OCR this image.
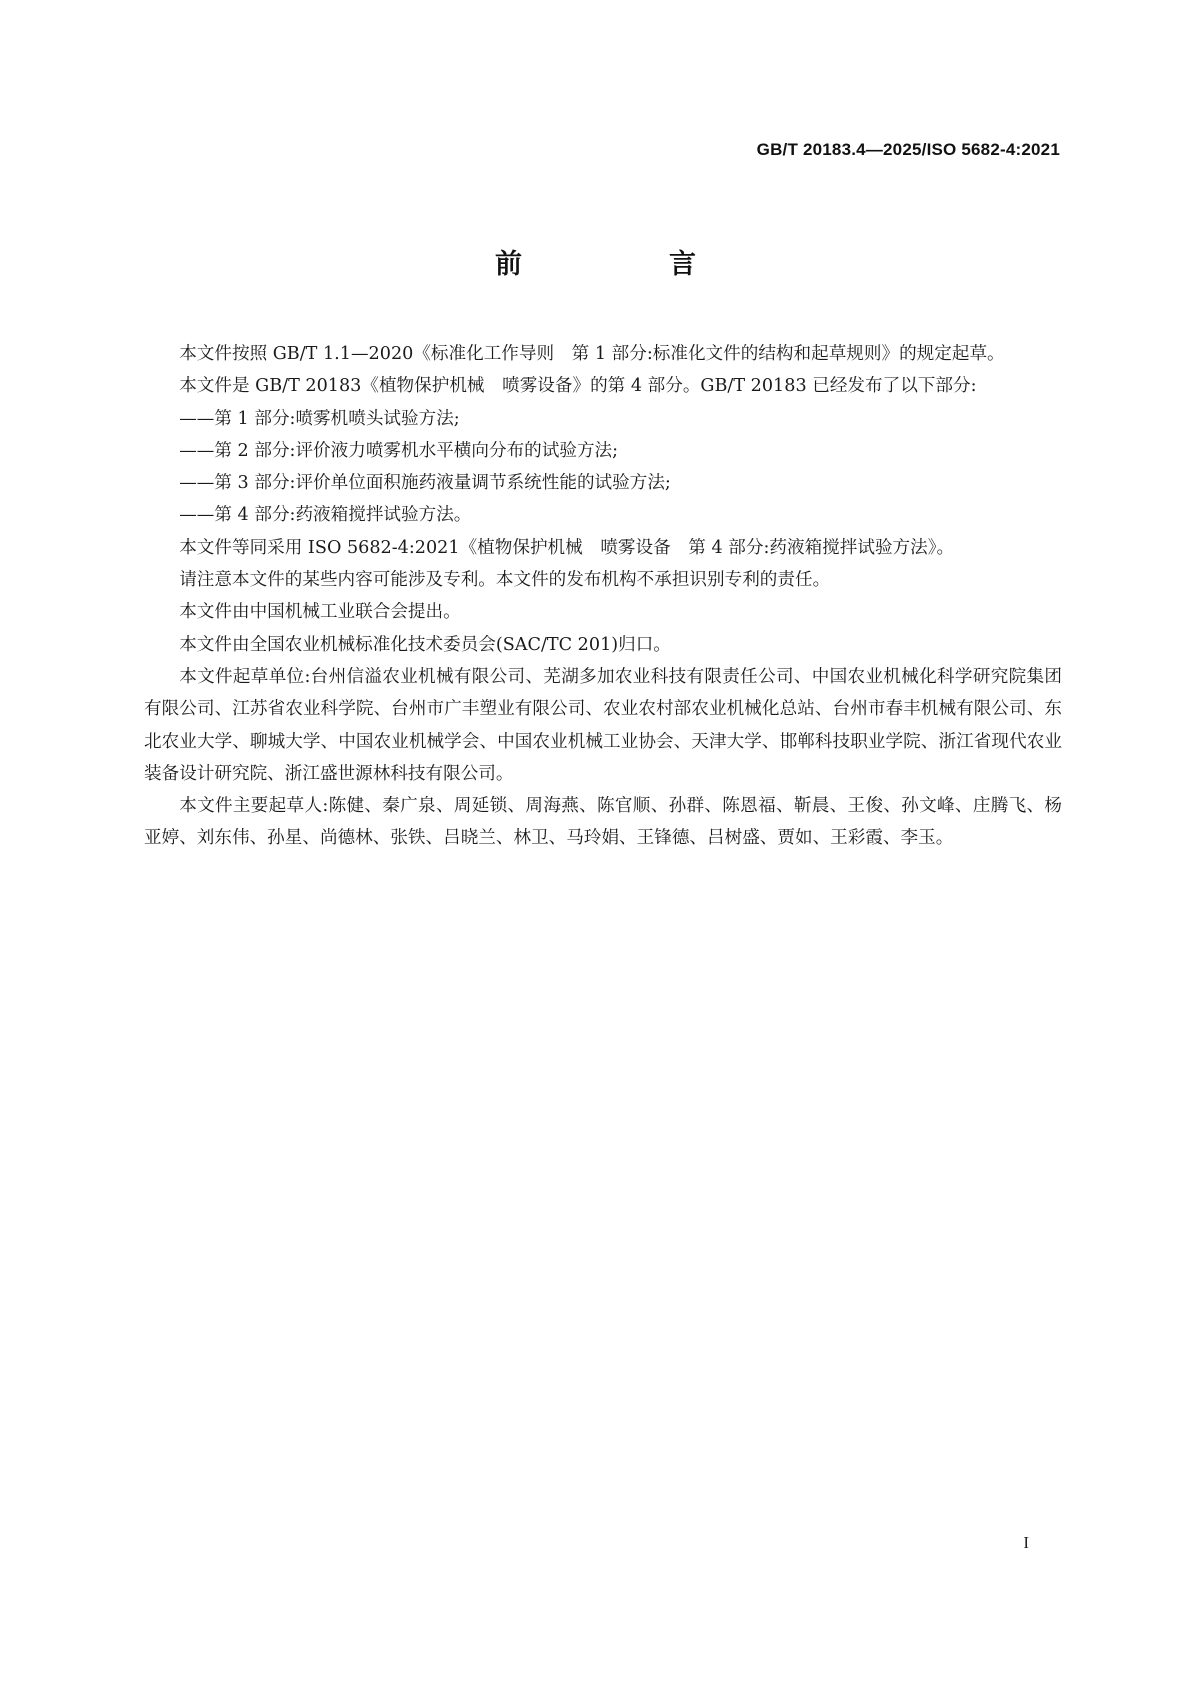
GB/T 20183.4—2025/ISO 5682-4:2021
前　言

本文件按照 GB/T 1.1—2020《标准化工作导则　第 1 部分:标准化文件的结构和起草规则》的规定起草。

本文件是 GB/T 20183《植物保护机械　喷雾设备》的第 4 部分。GB/T 20183 已经发布了以下部分:

——第 1 部分:喷雾机喷头试验方法;

——第 2 部分:评价液力喷雾机水平横向分布的试验方法;

——第 3 部分:评价单位面积施药液量调节系统性能的试验方法;

——第 4 部分:药液箱搅拌试验方法。

本文件等同采用 ISO 5682-4:2021《植物保护机械　喷雾设备　第 4 部分:药液箱搅拌试验方法》。

请注意本文件的某些内容可能涉及专利。本文件的发布机构不承担识别专利的责任。

本文件由中国机械工业联合会提出。

本文件由全国农业机械标准化技术委员会(SAC/TC 201)归口。

本文件起草单位:台州信溢农业机械有限公司、芜湖多加农业科技有限责任公司、中国农业机械化科学研究院集团有限公司、江苏省农业科学院、台州市广丰塑业有限公司、农业农村部农业机械化总站、台州市春丰机械有限公司、东北农业大学、聊城大学、中国农业机械学会、中国农业机械工业协会、天津大学、邯郸科技职业学院、浙江省现代农业装备设计研究院、浙江盛世源林科技有限公司。

本文件主要起草人:陈健、秦广泉、周延锁、周海燕、陈官顺、孙群、陈恩福、靳晨、王俊、孙文峰、庄腾飞、杨亚婷、刘东伟、孙星、尚德林、张铁、吕晓兰、林卫、马玲娟、王锋德、吕树盛、贾如、王彩霞、李玉。

I
